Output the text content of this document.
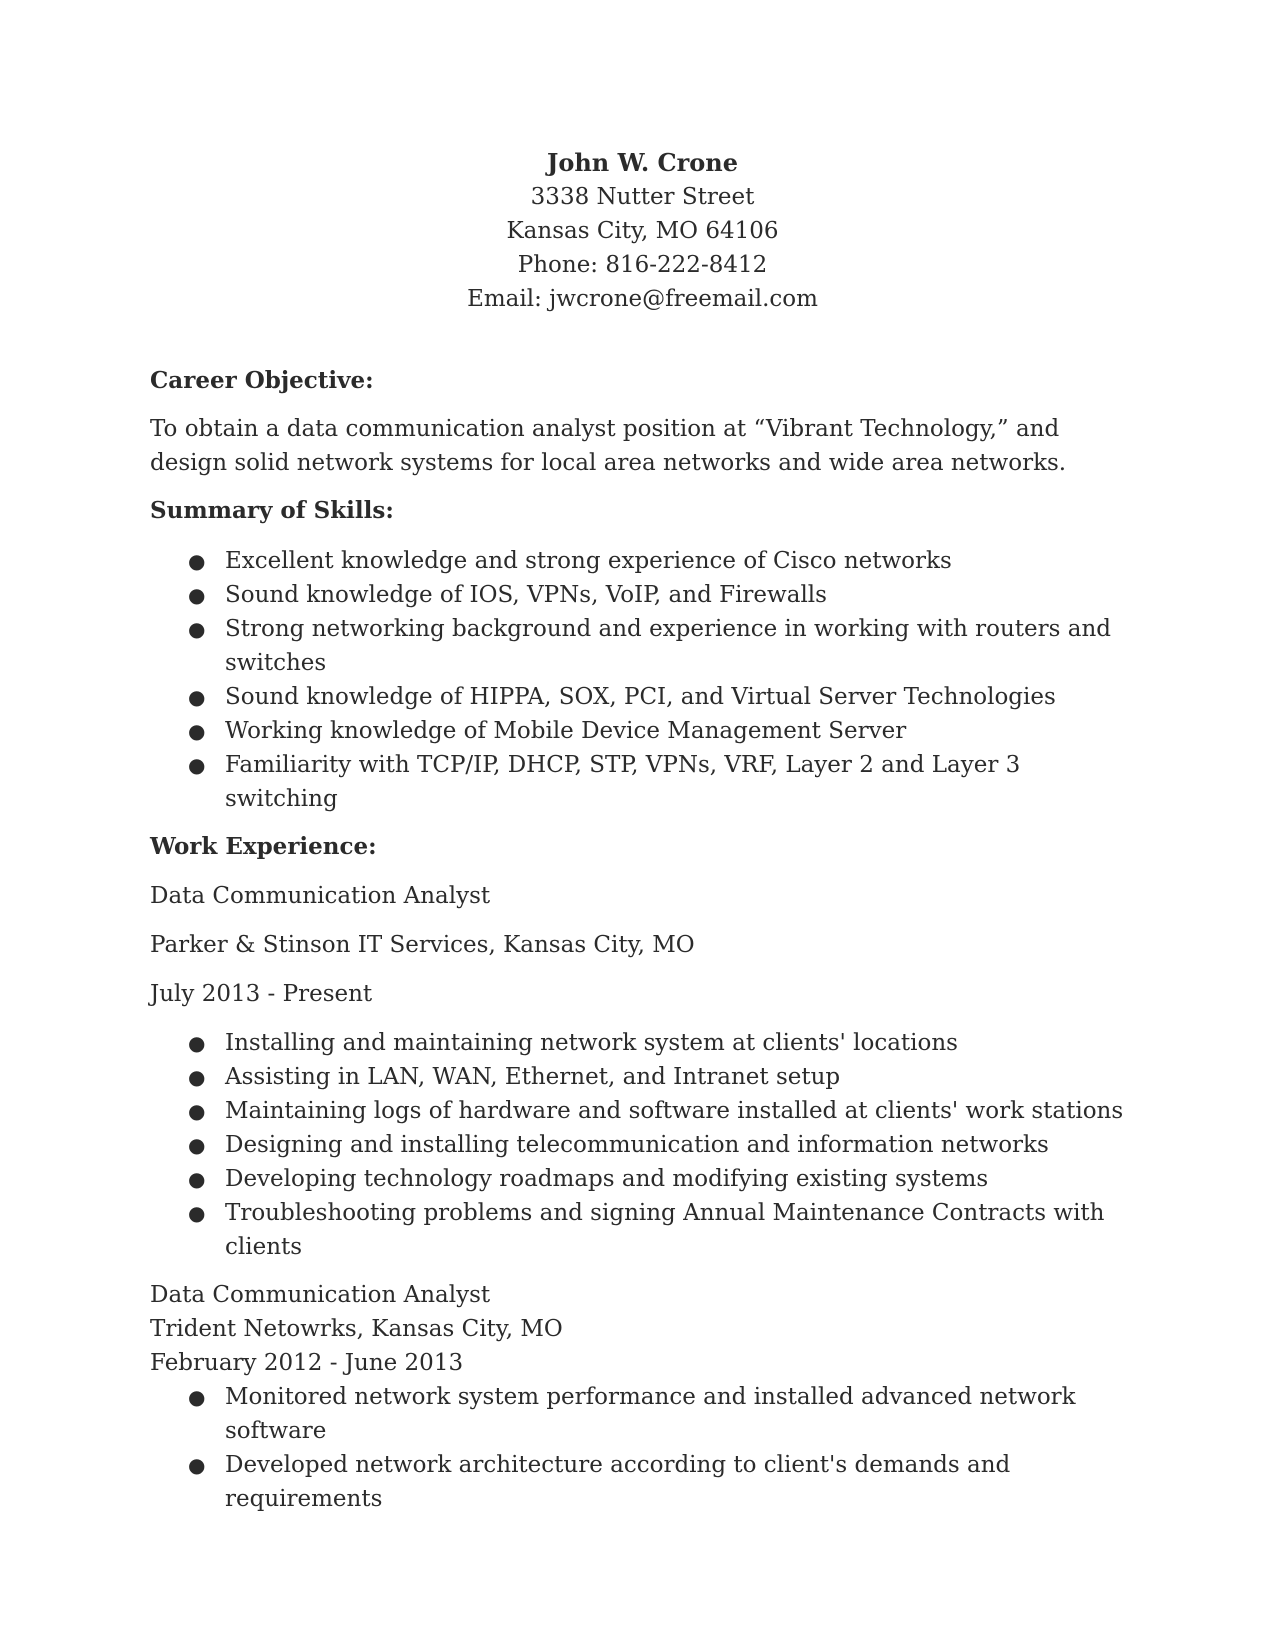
John W. Crone
3338 Nutter Street
Kansas City, MO 64106
Phone: 816-222-8412
Email: jwcrone@freemail.com

Career Objective:

To obtain a data communication analyst position at “Vibrant Technology,” and design solid network systems for local area networks and wide area networks.

Summary of Skills:

● Excellent knowledge and strong experience of Cisco networks
● Sound knowledge of IOS, VPNs, VoIP, and Firewalls
● Strong networking background and experience in working with routers and switches
● Sound knowledge of HIPPA, SOX, PCI, and Virtual Server Technologies
● Working knowledge of Mobile Device Management Server
● Familiarity with TCP/IP, DHCP, STP, VPNs, VRF, Layer 2 and Layer 3 switching

Work Experience:

Data Communication Analyst

Parker & Stinson IT Services, Kansas City, MO

July 2013 - Present

● Installing and maintaining network system at clients' locations
● Assisting in LAN, WAN, Ethernet, and Intranet setup
● Maintaining logs of hardware and software installed at clients' work stations
● Designing and installing telecommunication and information networks
● Developing technology roadmaps and modifying existing systems
● Troubleshooting problems and signing Annual Maintenance Contracts with clients

Data Communication Analyst

Trident Netowrks, Kansas City, MO

February 2012 - June 2013

● Monitored network system performance and installed advanced network software
● Developed network architecture according to client's demands and requirements
